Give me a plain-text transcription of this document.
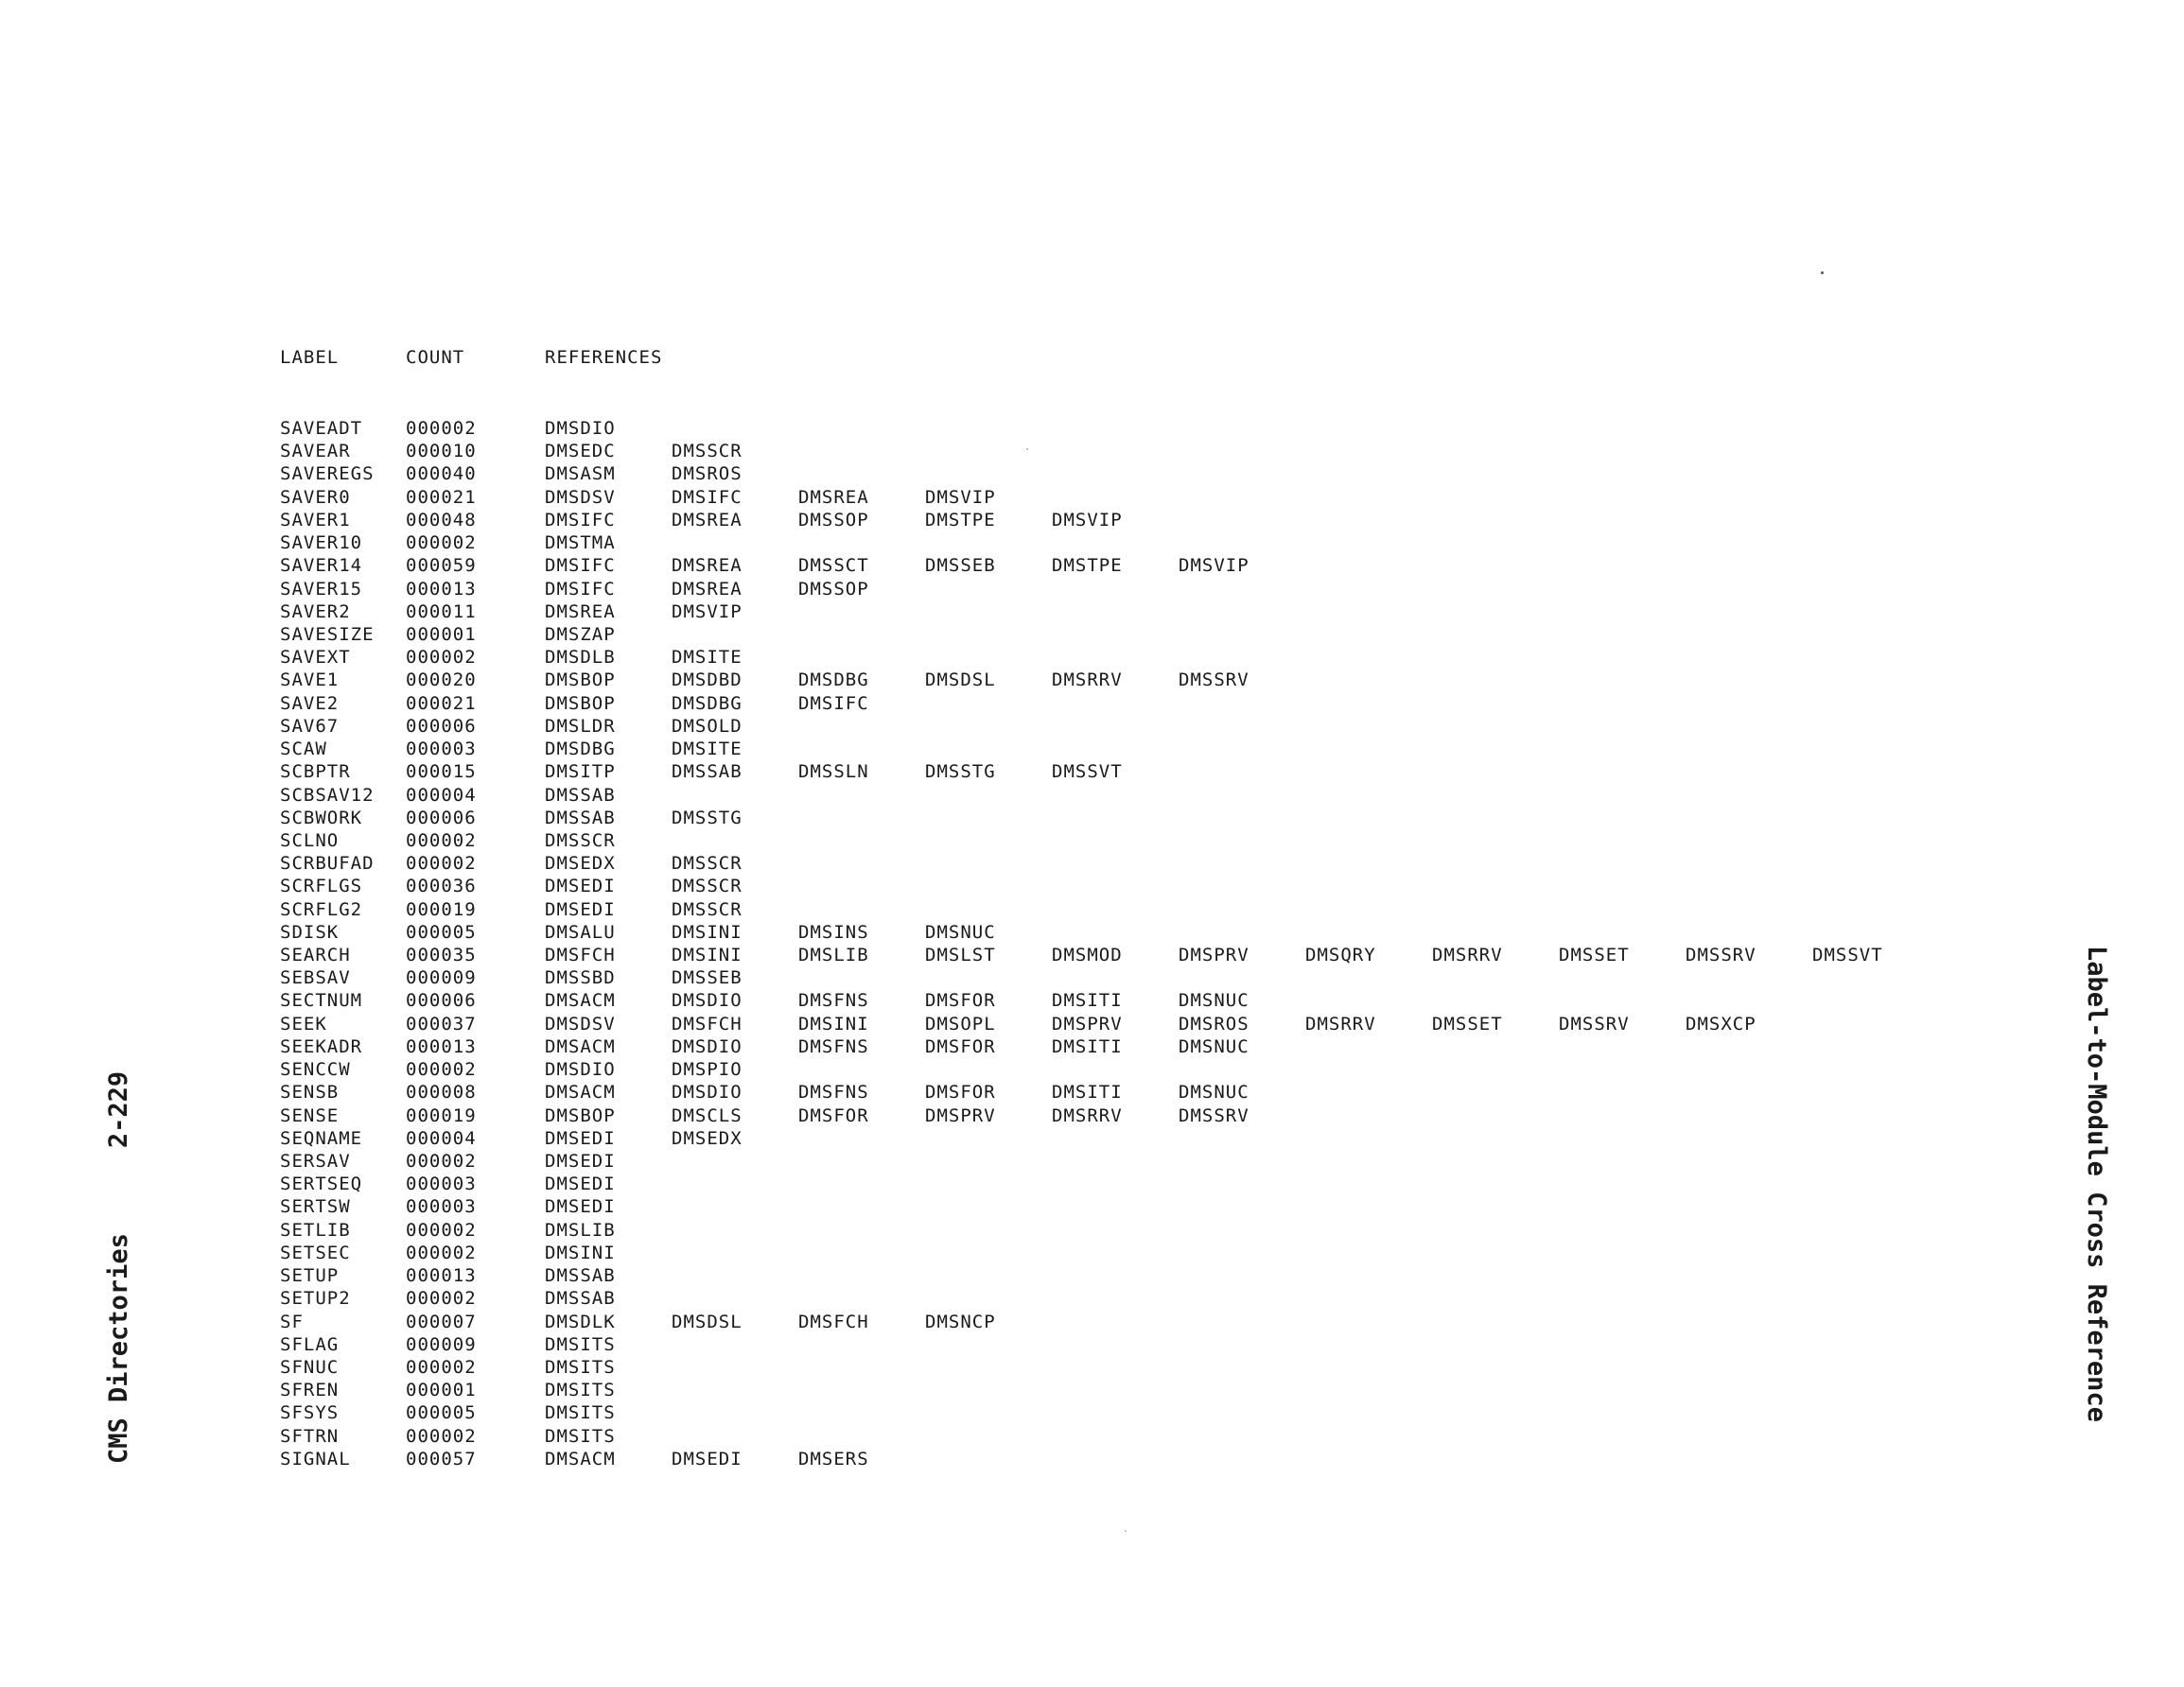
LABEL	COUNT	REFERENCES
SAVEADT 000002	DMSDIO
SAVEAR	000010	DMSEDC	DMSSCR
SAVEREGS 000040	DMSASM	DMSROS
SAVER0	000021	DMSDSV	DMSIFC	DMSREA	DMSVIP
SAVER1	000048	DMSIFC	DMSREA	DMSSOP	DMSTPE	DMSVIP
SAVER10 000002	DMSTMA
SAVER14 000059	DMSIFC	DMSREA	DMSSCT	DMSSEB	DMSTPE	DMSVIP
SAVER15 000013	DMSIFC	DMSREA	DMSSOP
SAVER2	000011	DMSREA	DMSVIP
SAVESIZE 000001	DMSZAP
SAVEXT	000002	DMSDLB	DMSITE
SAVE1	000020	DMSBOP	DMSDBD	DMSDBG	DMSDSL	DMSRRV	DMSSRV
SAVE2	000021	DMSBOP	DMSDBG	DMSIFC
SAV67	000006	DMSLDR	DMSOLD
SCAW	000003	DMSDBG	DMSITE
SCBPTR	000015	DMSITP	DMSSAB	DMSSLN	DMSSTG	DMSSVT
SCBSAV12 000004	DMSSAB
SCBWORK 000006	DMSSAB	DMSSTG
SCLNO	000002	DMSSCR
SCRBUFAD 000002	DMSEDX	DMSSCR
SCRFLGS 000036	DMSEDI	DMSSCR
SCRFLG2 000019	DMSEDI	DMSSCR
SDISK	000005	DMSALU	DMSINI	DMSINS	DMSNUC
SEARCH	000035	DMSFCH	DMSINI	DMSLIB	DMSLST	DMSMOD	DMSPRV	DMSQRY	DMSRRV	DMSSET	DMSSRV	DMSSVT
SEBSAV	000009	DMSSBD	DMSSEB
SECTNUM 000006	DMSACM	DMSDIO	DMSFNS	DMSFOR	DMSITI	DMSNUC
SEEK	000037	DMSDSV	DMSFCH	DMSINI	DMSOPL	DMSPRV	DMSROS	DMSRRV	DMSSET	DMSSRV	DMSXCP
SEEKADR 000013	DMSACM	DMSDIO	DMSFNS	DMSFOR	DMSITI	DMSNUC
SENCCW	000002	DMSDIO	DMSPIO
SENSB	000008	DMSACM	DMSDIO	DMSFNS	DMSFOR	DMSITI	DMSNUC
SENSE	000019	DMSBOP	DMSCLS	DMSFOR	DMSPRV	DMSRRV	DMSSRV
SEQNAME 000004	DMSEDI	DMSEDX
SERSAV	000002	DMSEDI
SERTSEQ 000003	DMSEDI
SERTSW	000003	DMSEDI
SETLIB	000002	DMSLIB
SETSEC	000002	DMSINI
SETUP	000013	DMSSAB
SETUP2	000002	DMSSAB
SF	000007	DMSDLK	DMSDSL	DMSFCH	DMSNCP
SFLAG	000009	DMSITS
SFNUC	000002	DMSITS
SFREN	000001	DMSITS
SFSYS	000005	DMSITS
SFTRN	000002	DMSITS
SIGNAL	000057	DMSACM	DMSEDI	DMSERS
CMS Directories2-229	Label-to-Module Cross Reference
